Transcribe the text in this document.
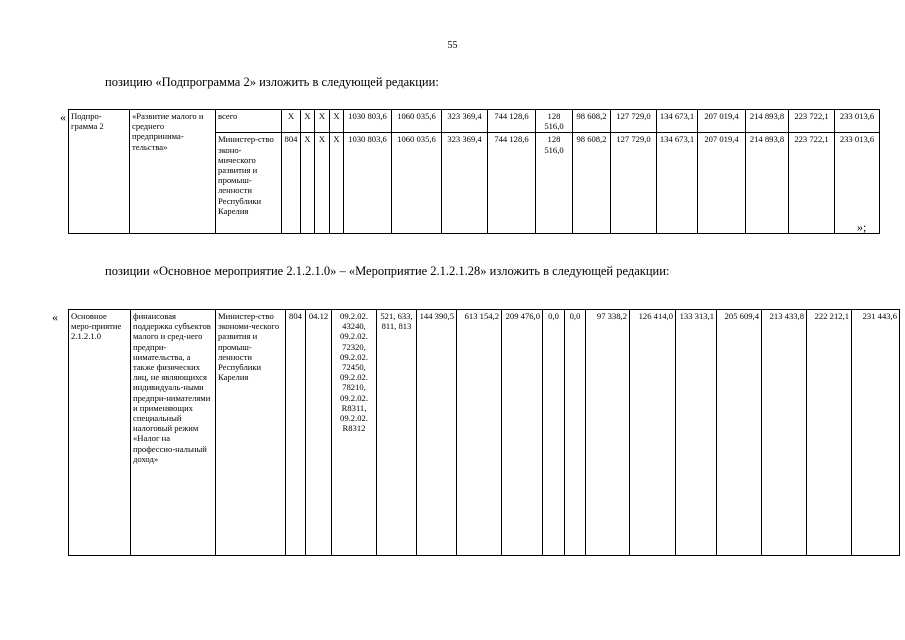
55
позицию «Подпрограмма 2» изложить в следующей редакции:
« Подпро-грамма 2	«Развитие малого и среднего предпринима-тельства»	всего	Х	Х	Х	Х	1030 803,6	1060 035,6	323 369,4	744 128,6	128 516,0	98 608,2	127 729,0	134 673,1	207 019,4	214 893,8	223 722,1	233 013,6
		Министер-ство эконо-мического развития и промыш-ленности Республики Карелия	804	Х	Х	Х	1030 803,6	1060 035,6	323 369,4	744 128,6	128 516,0	98 608,2	127 729,0	134 673,1	207 019,4	214 893,8	223 722,1	233 013,6
»;
позиции «Основное мероприятие 2.1.2.1.0» – «Мероприятие 2.1.2.1.28» изложить в следующей редакции:
« Основное меро-приятие 2.1.2.1.0	финансовая поддержка субъектов малого и сред-него предпри-нимательства, а также физических лиц, не являющихся индивидуаль-ными предпри-нимателями и применяющих специальный налоговый режим «Налог на профессио-нальный доход»	Министер-ство экономи-ческого развития и промыш-ленности Республики Карелия	804	04.12	09.2.02. 43240, 09.2.02. 72320, 09.2.02. 72450, 09.2.02. 78210, 09.2.02. R8311, 09.2.02. R8312	521, 633, 811, 813	144 390,5	613 154,2	209 476,0	0,0	0,0	97 338,2	126 414,0	133 313,1	205 609,4	213 433,8	222 212,1	231 443,6
